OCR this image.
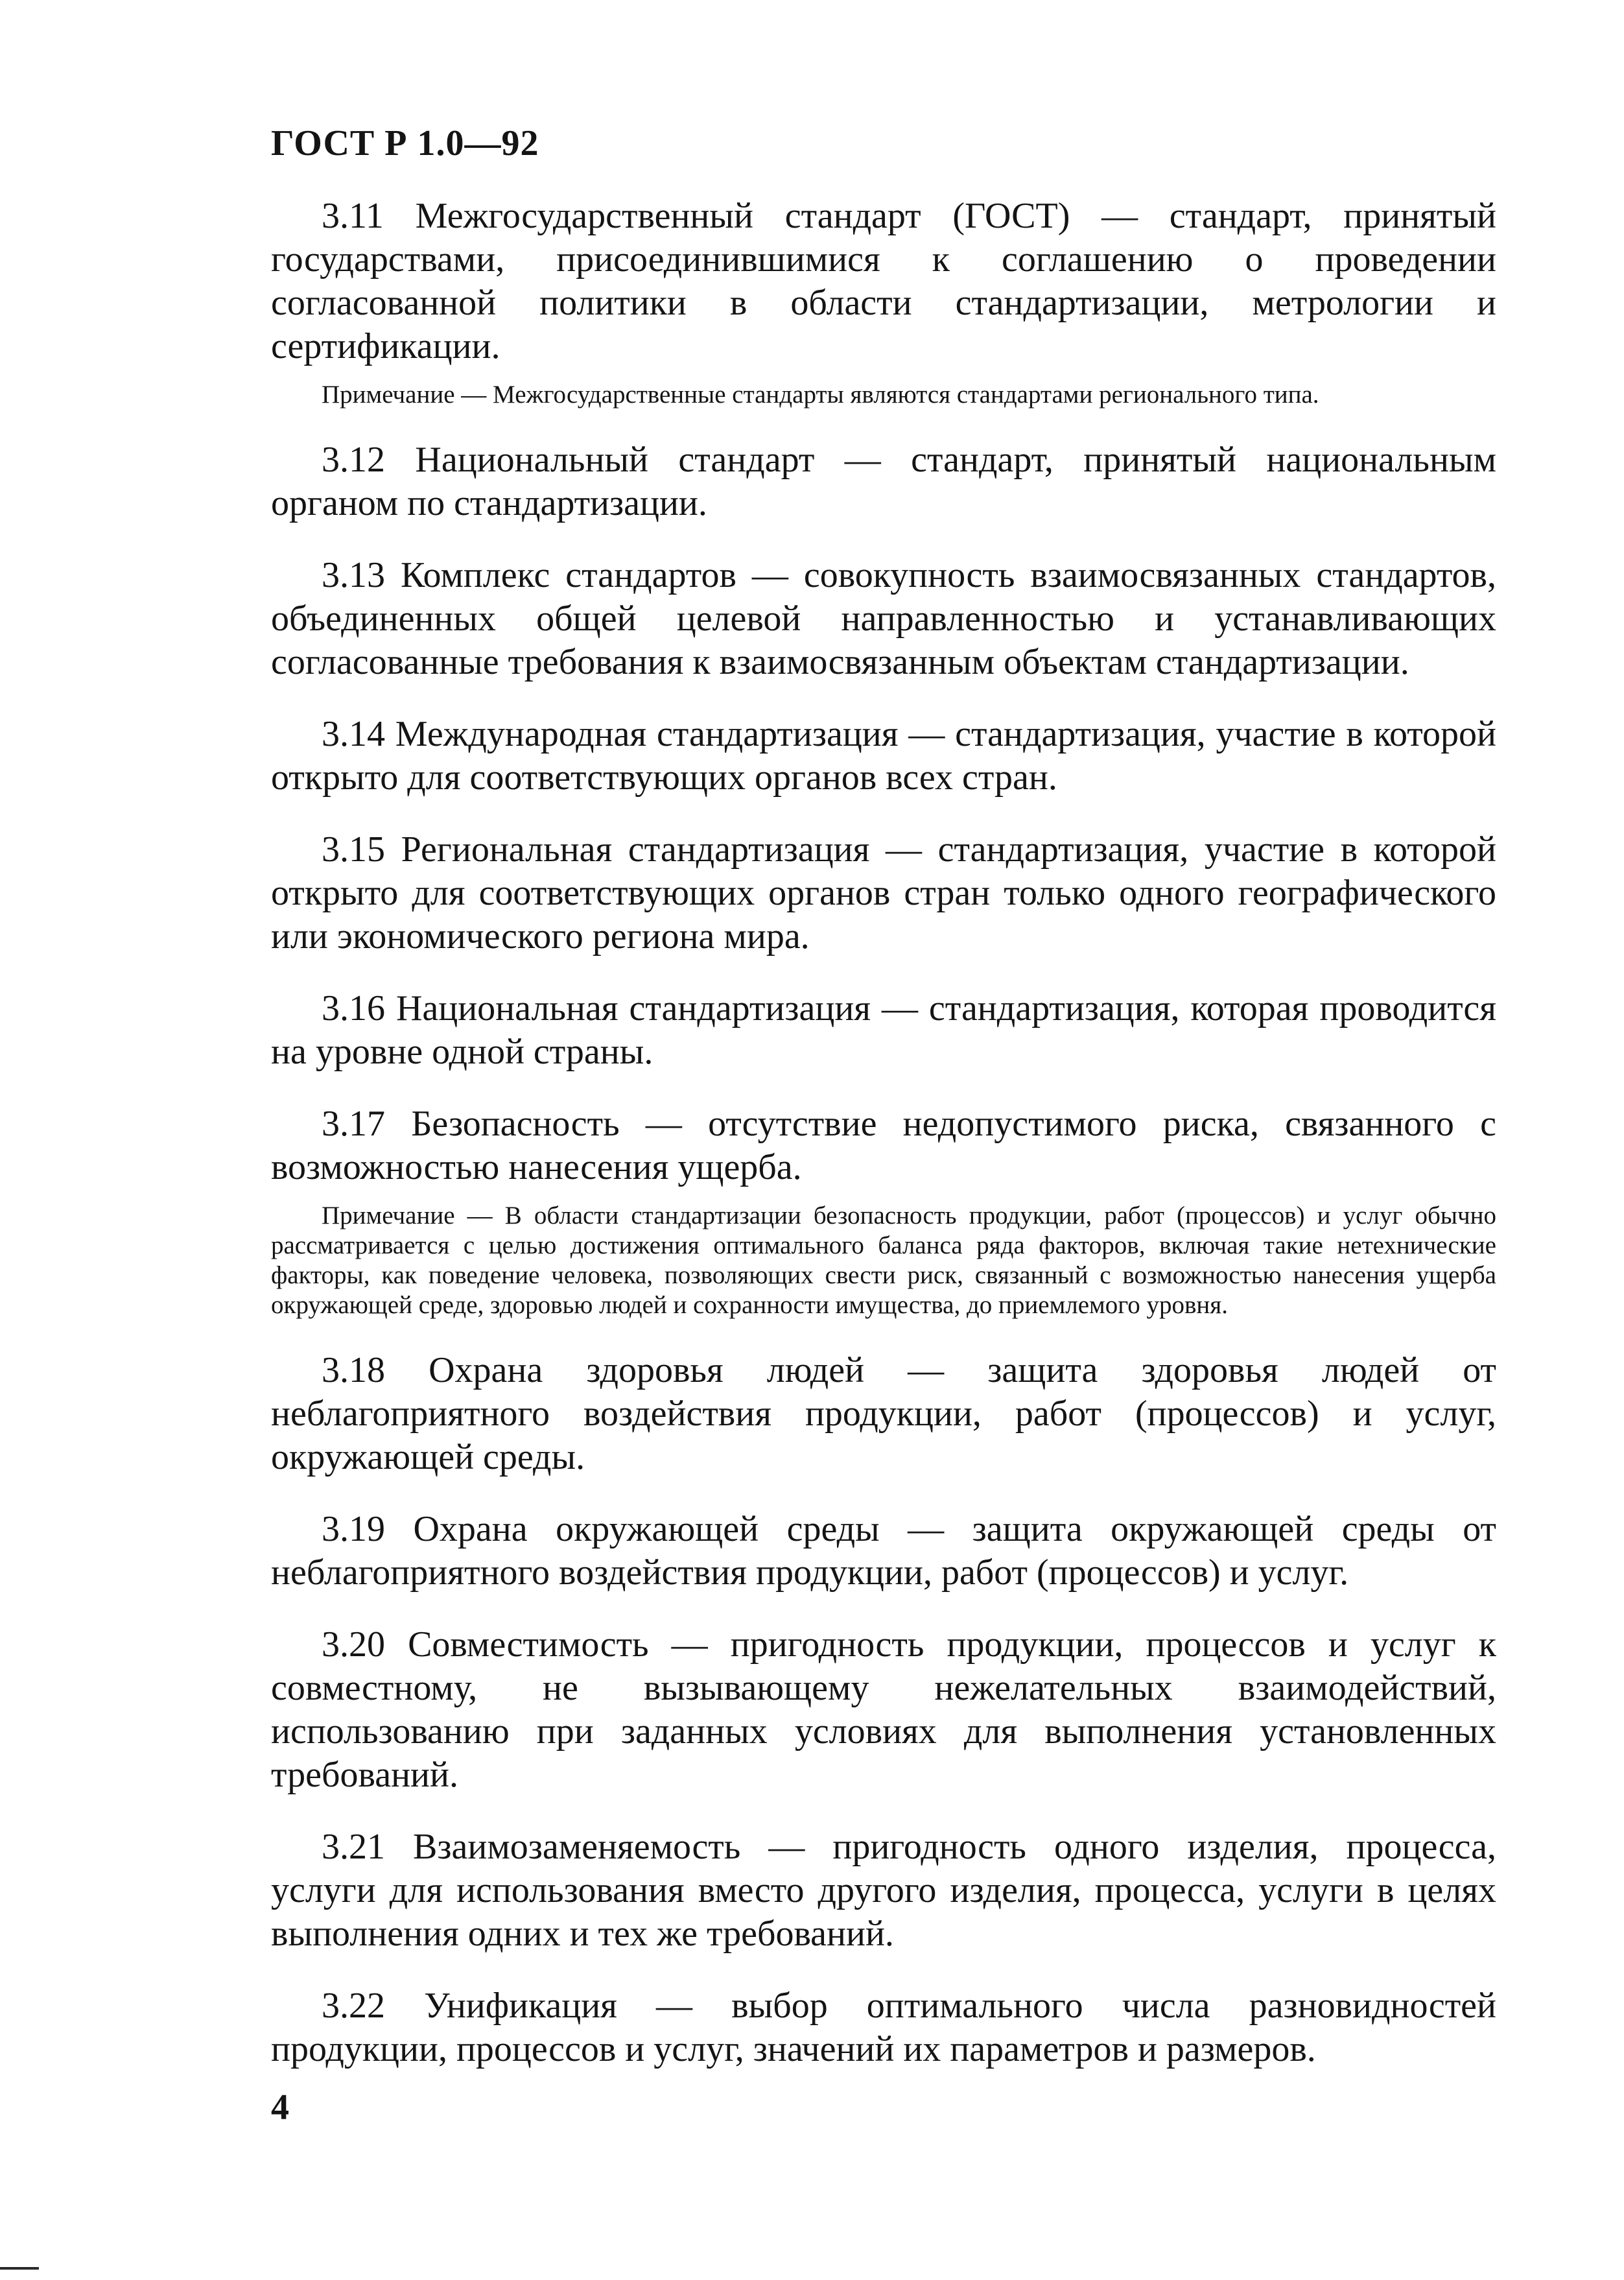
ГОСТ Р 1.0—92

3.11 Межгосударственный стандарт (ГОСТ) — стандарт, принятый государствами, присоединившимися к соглашению о проведении согласованной политики в области стандартизации, метрологии и сертификации.

Примечание — Межгосударственные стандарты являются стандартами регионального типа.

3.12 Национальный стандарт — стандарт, принятый национальным органом по стандартизации.

3.13 Комплекс стандартов — совокупность взаимосвязанных стандартов, объединенных общей целевой направленностью и устанавливающих согласованные требования к взаимосвязанным объектам стандартизации.

3.14 Международная стандартизация — стандартизация, участие в которой открыто для соответствующих органов всех стран.

3.15 Региональная стандартизация — стандартизация, участие в которой открыто для соответствующих органов стран только одного географического или экономического региона мира.

3.16 Национальная стандартизация — стандартизация, которая проводится на уровне одной страны.

3.17 Безопасность — отсутствие недопустимого риска, связанного с возможностью нанесения ущерба.

Примечание — В области стандартизации безопасность продукции, работ (процессов) и услуг обычно рассматривается с целью достижения оптимального баланса ряда факторов, включая такие нетехнические факторы, как поведение человека, позволяющих свести риск, связанный с возможностью нанесения ущерба окружающей среде, здоровью людей и сохранности имущества, до приемлемого уровня.

3.18 Охрана здоровья людей — защита здоровья людей от неблагоприятного воздействия продукции, работ (процессов) и услуг, окружающей среды.

3.19 Охрана окружающей среды — защита окружающей среды от неблагоприятного воздействия продукции, работ (процессов) и услуг.

3.20 Совместимость — пригодность продукции, процессов и услуг к совместному, не вызывающему нежелательных взаимодействий, использованию при заданных условиях для выполнения установленных требований.

3.21 Взаимозаменяемость — пригодность одного изделия, процесса, услуги для использования вместо другого изделия, процесса, услуги в целях выполнения одних и тех же требований.

3.22 Унификация — выбор оптимального числа разновидностей продукции, процессов и услуг, значений их параметров и размеров.

4
